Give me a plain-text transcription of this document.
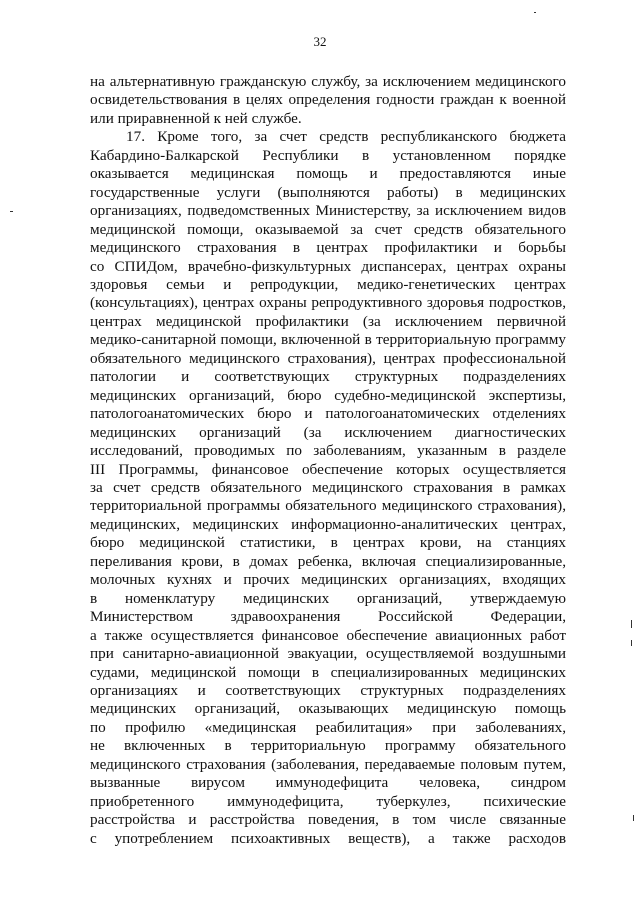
32
на альтернативную гражданскую службу, за исключением медицинского
освидетельствования в целях определения годности граждан к военной
или приравненной к ней службе.
17. Кроме того, за счет средств республиканского бюджета
Кабардино-Балкарской Республики в установленном порядке
оказывается медицинская помощь и предоставляются иные
государственные услуги (выполняются работы) в медицинских
организациях, подведомственных Министерству, за исключением видов
медицинской помощи, оказываемой за счет средств обязательного
медицинского страхования в центрах профилактики и борьбы
со СПИДом, врачебно-физкультурных диспансерах, центрах охраны
здоровья семьи и репродукции, медико-генетических центрах
(консультациях), центрах охраны репродуктивного здоровья подростков,
центрах медицинской профилактики (за исключением первичной
медико-санитарной помощи, включенной в территориальную программу
обязательного медицинского страхования), центрах профессиональной
патологии и соответствующих структурных подразделениях
медицинских организаций, бюро судебно-медицинской экспертизы,
патологоанатомических бюро и патологоанатомических отделениях
медицинских организаций (за исключением диагностических
исследований, проводимых по заболеваниям, указанным в разделе
III Программы, финансовое обеспечение которых осуществляется
за счет средств обязательного медицинского страхования в рамках
территориальной программы обязательного медицинского страхования),
медицинских, медицинских информационно-аналитических центрах,
бюро медицинской статистики, в центрах крови, на станциях
переливания крови, в домах ребенка, включая специализированные,
молочных кухнях и прочих медицинских организациях, входящих
в номенклатуру медицинских организаций, утверждаемую
Министерством здравоохранения Российской Федерации,
а также осуществляется финансовое обеспечение авиационных работ
при санитарно-авиационной эвакуации, осуществляемой воздушными
судами, медицинской помощи в специализированных медицинских
организациях и соответствующих структурных подразделениях
медицинских организаций, оказывающих медицинскую помощь
по профилю «медицинская реабилитация» при заболеваниях,
не включенных в территориальную программу обязательного
медицинского страхования (заболевания, передаваемые половым путем,
вызванные вирусом иммунодефицита человека, синдром
приобретенного иммунодефицита, туберкулез, психические
расстройства и расстройства поведения, в том числе связанные
с употреблением психоактивных веществ), а также расходов
